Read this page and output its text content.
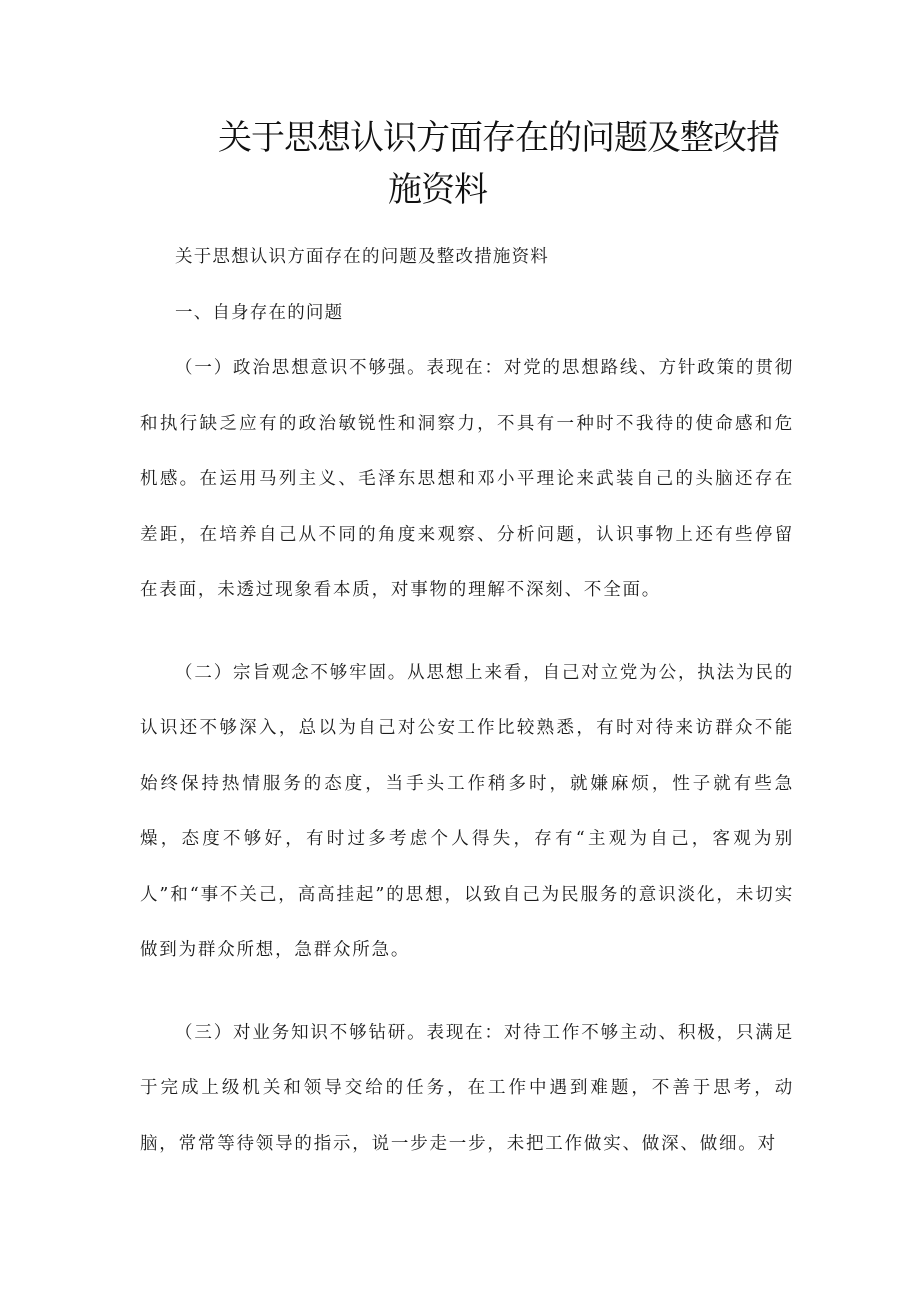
关于思想认识方面存在的问题及整改措
施资料

关于思想认识方面存在的问题及整改措施资料

一、自身存在的问题

（一）政治思想意识不够强。表现在：对党的思想路线、方针政策的贯彻和执行缺乏应有的政治敏锐性和洞察力，不具有一种时不我待的使命感和危机感。在运用马列主义、毛泽东思想和邓小平理论来武装自己的头脑还存在差距，在培养自己从不同的角度来观察、分析问题，认识事物上还有些停留在表面，未透过现象看本质，对事物的理解不深刻、不全面。

（二）宗旨观念不够牢固。从思想上来看，自己对立党为公，执法为民的认识还不够深入，总以为自己对公安工作比较熟悉，有时对待来访群众不能始终保持热情服务的态度，当手头工作稍多时，就嫌麻烦，性子就有些急燥，态度不够好，有时过多考虑个人得失，存有“主观为自己，客观为别人”和“事不关己，高高挂起”的思想，以致自己为民服务的意识淡化，未切实做到为群众所想，急群众所急。

（三）对业务知识不够钻研。表现在：对待工作不够主动、积极，只满足于完成上级机关和领导交给的任务，在工作中遇到难题，不善于思考，动脑，常常等待领导的指示，说一步走一步，未把工作做实、做深、做细。对
